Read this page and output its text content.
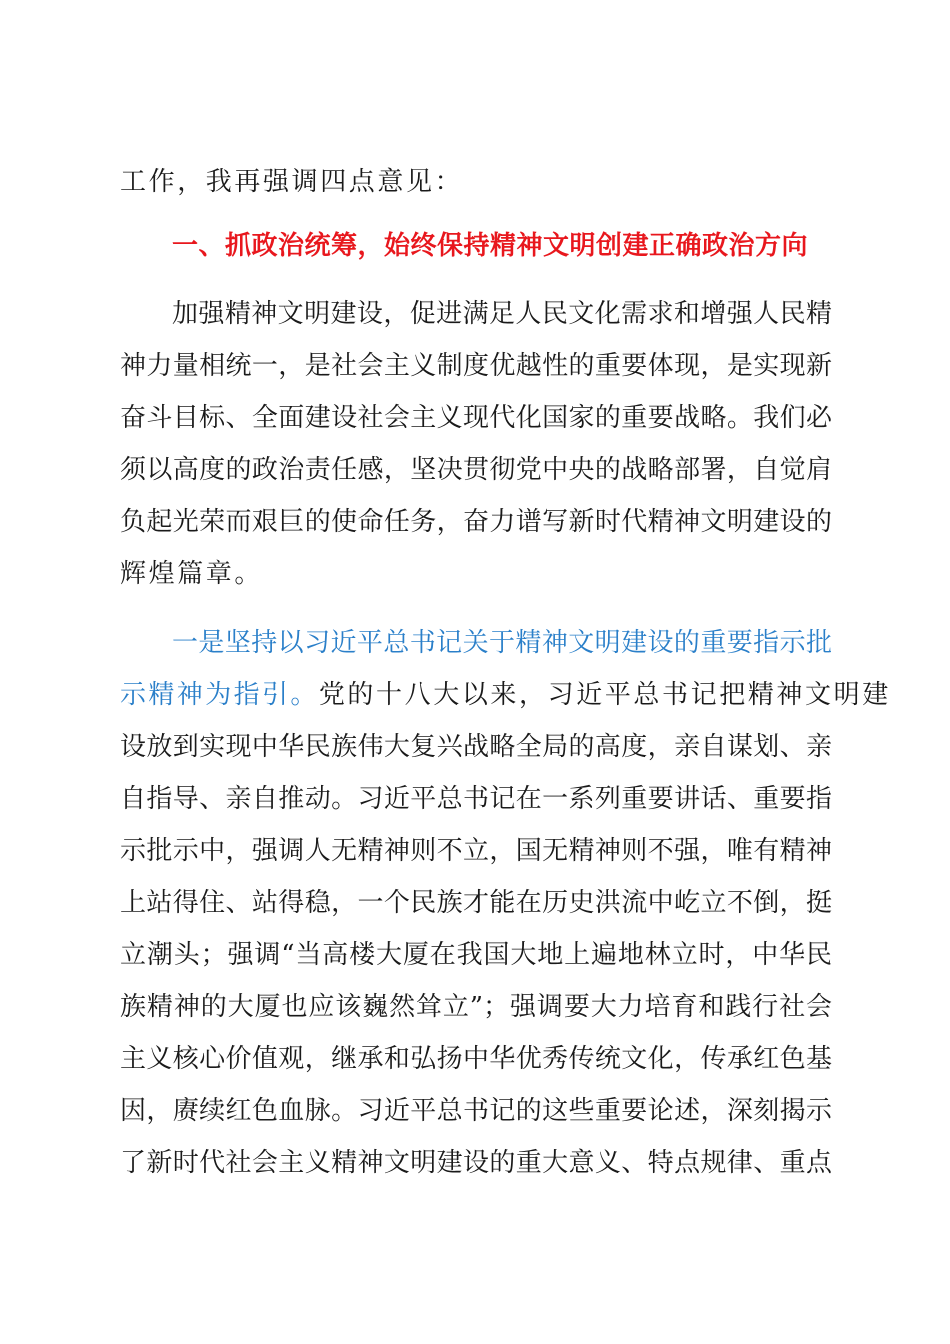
工作，我再强调四点意见：
一、抓政治统筹，始终保持精神文明创建正确政治方向
加强精神文明建设，促进满足人民文化需求和增强人民精
神力量相统一，是社会主义制度优越性的重要体现，是实现新
奋斗目标、全面建设社会主义现代化国家的重要战略。我们必
须以高度的政治责任感，坚决贯彻党中央的战略部署，自觉肩
负起光荣而艰巨的使命任务，奋力谱写新时代精神文明建设的
辉煌篇章。
一是坚持以习近平总书记关于精神文明建设的重要指示批
示精神为指引。党的十八大以来，习近平总书记把精神文明建
设放到实现中华民族伟大复兴战略全局的高度，亲自谋划、亲
自指导、亲自推动。习近平总书记在一系列重要讲话、重要指
示批示中，强调人无精神则不立，国无精神则不强，唯有精神
上站得住、站得稳，一个民族才能在历史洪流中屹立不倒，挺
立潮头；强调“当高楼大厦在我国大地上遍地林立时，中华民
族精神的大厦也应该巍然耸立”；强调要大力培育和践行社会
主义核心价值观，继承和弘扬中华优秀传统文化，传承红色基
因，赓续红色血脉。习近平总书记的这些重要论述，深刻揭示
了新时代社会主义精神文明建设的重大意义、特点规律、重点
